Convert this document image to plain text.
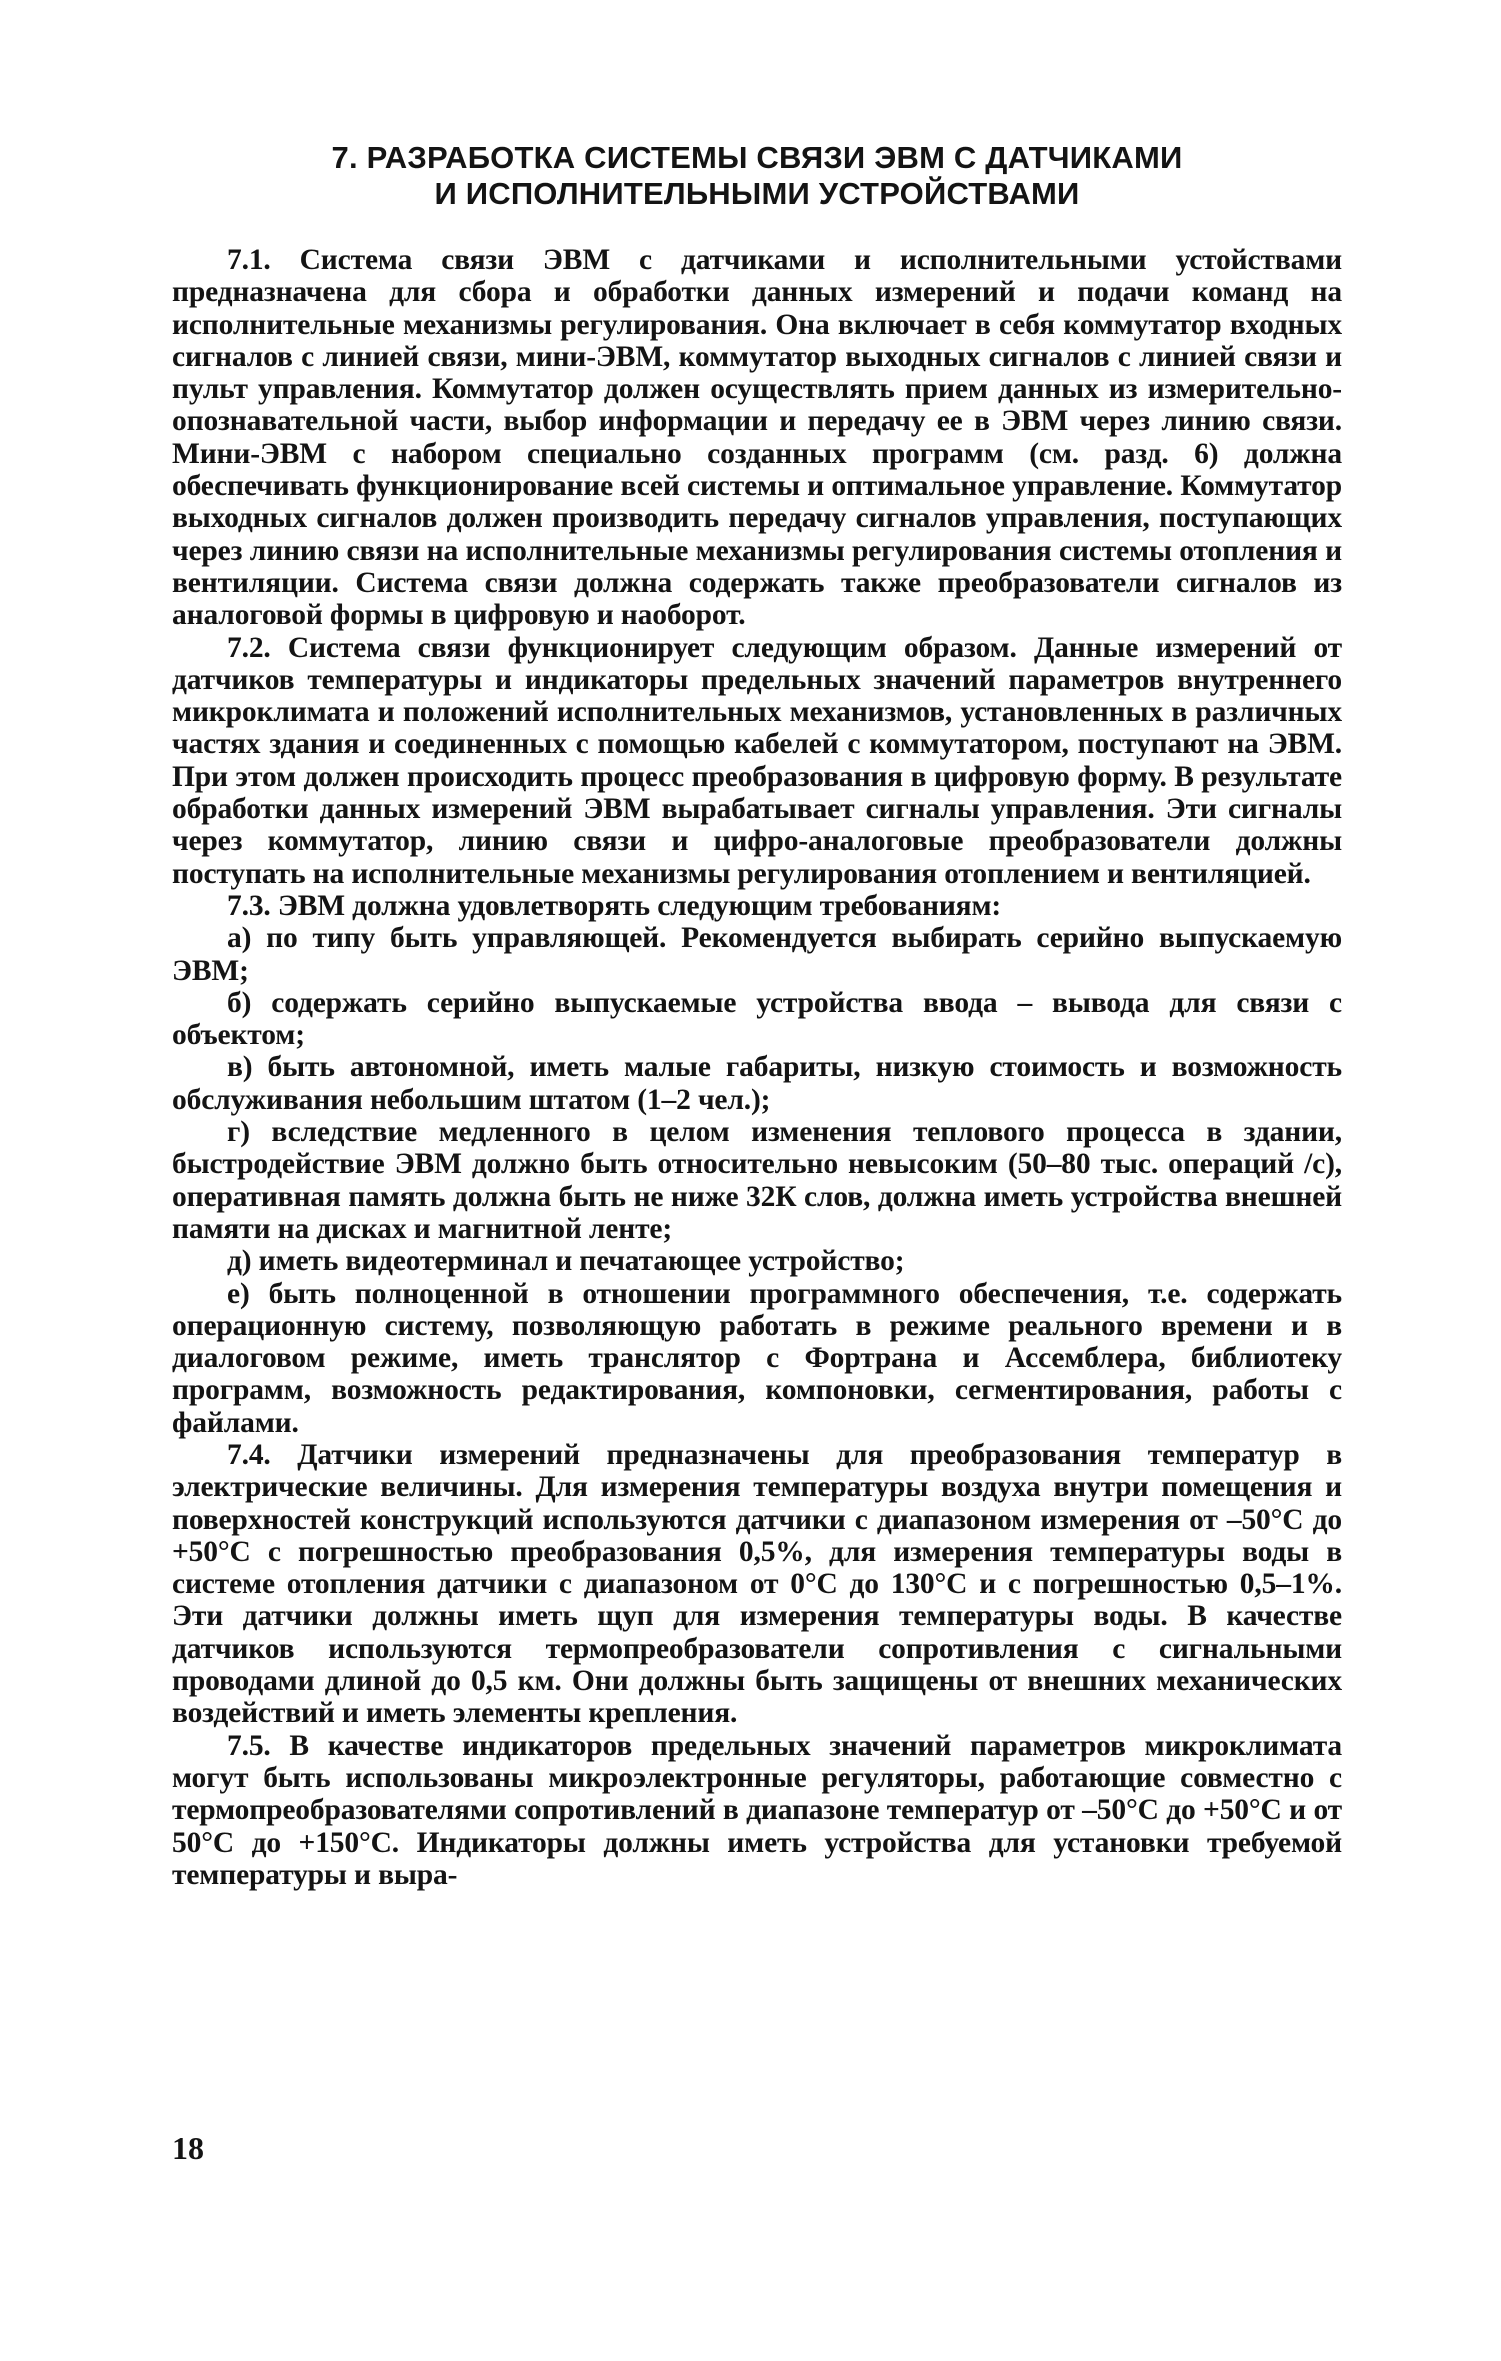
7. РАЗРАБОТКА СИСТЕМЫ СВЯЗИ ЭВМ С ДАТЧИКАМИ
И ИСПОЛНИТЕЛЬНЫМИ УСТРОЙСТВАМИ

7.1. Система связи ЭВМ с датчиками и исполнительными устойствами предназначена для сбора и обработки данных измерений и подачи команд на исполнительные механизмы регулирования. Она включает в себя коммутатор входных сигналов с линией связи, мини-ЭВМ, коммутатор выходных сигналов с линией связи и пульт управления. Коммутатор должен осуществлять прием данных из измерительно-опознавательной части, выбор информации и передачу ее в ЭВМ через линию связи. Мини-ЭВМ с набором специально созданных программ (см. разд. 6) должна обеспечивать функционирование всей системы и оптимальное управление. Коммутатор выходных сигналов должен производить передачу сигналов управления, поступающих через линию связи на исполнительные механизмы регулирования системы отопления и вентиляции. Система связи должна содержать также преобразователи сигналов из аналоговой формы в цифровую и наоборот.

7.2. Система связи функционирует следующим образом. Данные измерений от датчиков температуры и индикаторы предельных значений параметров внутреннего микроклимата и положений исполнительных механизмов, установленных в различных частях здания и соединенных с помощью кабелей с коммутатором, поступают на ЭВМ. При этом должен происходить процесс преобразования в цифровую форму. В результате обработки данных измерений ЭВМ вырабатывает сигналы управления. Эти сигналы через коммутатор, линию связи и цифро-аналоговые преобразователи должны поступать на исполнительные механизмы регулирования отоплением и вентиляцией.

7.3. ЭВМ должна удовлетворять следующим требованиям:

а) по типу быть управляющей. Рекомендуется выбирать серийно выпускаемую ЭВМ;

б) содержать серийно выпускаемые устройства ввода – вывода для связи с объектом;

в) быть автономной, иметь малые габариты, низкую стоимость и возможность обслуживания небольшим штатом (1–2 чел.);

г) вследствие медленного в целом изменения теплового процесса в здании, быстродействие ЭВМ должно быть относительно невысоким (50–80 тыс. операций /с), оперативная память должна быть не ниже 32К слов, должна иметь устройства внешней памяти на дисках и магнитной ленте;

д) иметь видеотерминал и печатающее устройство;

е) быть полноценной в отношении программного обеспечения, т.е. содержать операционную систему, позволяющую работать в режиме реального времени и в диалоговом режиме, иметь транслятор с Фортрана и Ассемблера, библиотеку программ, возможность редактирования, компоновки, сегментирования, работы с файлами.

7.4. Датчики измерений предназначены для преобразования температур в электрические величины. Для измерения температуры воздуха внутри помещения и поверхностей конструкций используются датчики с диапазоном измерения от –50°С до +50°С с погрешностью преобразования 0,5%, для измерения температуры воды в системе отопления датчики с диапазоном от 0°С до 130°С и с погрешностью 0,5–1%. Эти датчики должны иметь щуп для измерения температуры воды. В качестве датчиков используются термопреобразователи сопротивления с сигнальными проводами длиной до 0,5 км. Они должны быть защищены от внешних механических воздействий и иметь элементы крепления.

7.5. В качестве индикаторов предельных значений параметров микроклимата могут быть использованы микроэлектронные регуляторы, работающие совместно с термопреобразователями сопротивлений в диапазоне температур от –50°С до +50°С и от 50°С до +150°С. Индикаторы должны иметь устройства для установки требуемой температуры и выра-

18
